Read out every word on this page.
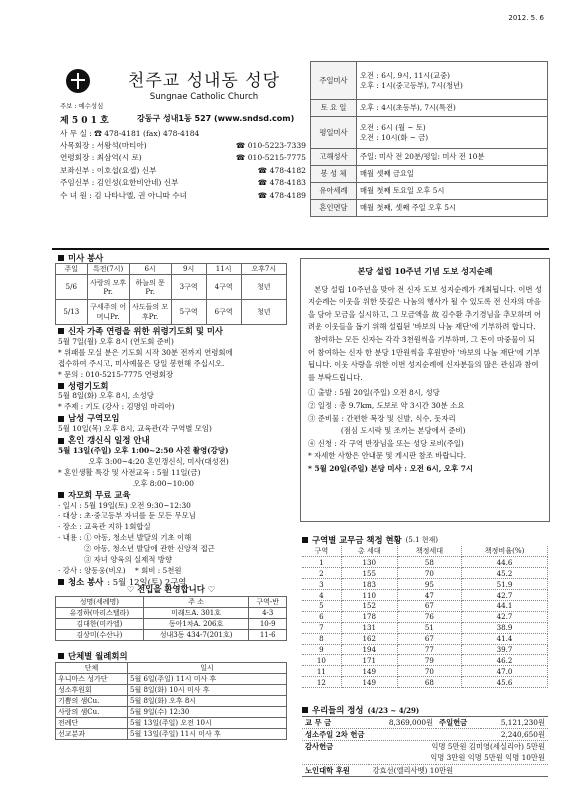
2012. 5. 6
천주교 성내동 성당
Sungnae Catholic Church
주보 : 예수성심
제 5 0 1 호	강동구 성내1동 527 (www.sndsd.com)
사 무 실 : ☎ 478-4181 (fax) 478-4184
사목회장 : 서왕석(마티아)	☎ 010-5223-7339
연령회장 : 최삼억(시 로)	☎ 010-5215-7775
보좌신부 : 이호섭(요셉) 신부	☎ 478-4182
주임신부 : 김인성(요한비안네) 신부	☎ 478-4183
수 녀 원 : 김 나타나엘, 권 아니따 수녀	☎ 478-4189
주일미사	오전 : 6시, 9시, 11시(교중)
오후 : 1시(중고등부), 7시(청년)

토 요 일	오후 : 4시(초등부), 7시(특전)
평일미사	오전 : 6시 (월 ~ 토)
오전 : 10시(화 ~ 금)

고해성사	주일: 미사 전 20분/평일: 미사 전 10분
봉 성 체	매월 셋째 금요일
유아세례	매월 첫째 토요일 오후 5시
혼인면담	매월 첫째, 셋째 주일 오후 5시
미사 봉사
주일	특전(7시)	6시	9시	11시	오후7시
5/6	사랑의 모후Pr.	하늘의 문Pr.	3구역	4구역	청년
5/13	구세주의 어머니Pr.	사도들의 모후Pr.	5구역	6구역	청년
신자 가족 연령을 위한 위령기도회 및 미사
5월 7일(월) 오후 8시 (연도회 준비)
* 위패를 모실 분은 기도회 시작 30분 전까지 연령회에
접수하여 주시고, 미사예물은 당일 봉헌해 주십시오.
* 문의 : 010-5215-7775 연령회장
성령기도회
5월 8일(화) 오후 8시, 소성당
* 주제 : 기도 (강사 : 김명임 마리아)
남성 구역모임
5월 10일(목) 오후 8시, 교육관(각 구역별 모임)
혼인 갱신식 일정 안내
5월 13일(주일) 오후 1:00~2:50 사진 촬영(강당)
오후 3:00~4:20 혼인갱신식, 미사(대성전)
* 혼인생활 특강 및 사전교육 : 5월 11일(금)
오후 8:00~10:00
자모회 무료 교육
· 일시 : 5월 19일(토) 오전 9:30~12:30
· 대상 : 초·중고등부 자녀를 둔 모든 무모님
· 장소 : 교육관 지하 1회합실
· 내용 : ① 아동, 청소년 발달의 기초 이해
② 아동, 청소년 발달에 관한 신앙적 접근
③ 자녀 양육의 실제적 방향
· 강사 : 양동웅(비오)    * 회비 : 5천원
청소 봉사 : 5월 12일(토) 2구역
♡ 전입을 환영합니다 ♡
성명(세례명)	주 소	구역-반
유경하(마리스텔라)	미래드A. 301호	4-3
김대한(미카엘)	동아1차A. 206호	10-9
김상미(수산나)	성내3동 434-7(201호)	11-6
단체별 월례회의
단체	일시
우니마스 성가단	5월 6일(주일) 11시 미사 후
성소후원회	5월 8일(화) 10시 미사 후
기쁨의 샘Cu.	5월 8일(화) 오후 8시
사랑의 샘Cu.	5월 9일(수) 12:30
전례단	5월 13일(주일) 오전 10시
선교분과	5월 13일(주일) 11시 미사 후
본당 설립 10주년 기념 도보 성지순례

본당 설립 10주년을 맞아 전 신자 도보 성지순례가 개최됩니다. 이번 성지순례는 이웃을 위한 뜻깊은 나눔의 행사가 될 수 있도록 전 신자의 마음을 담아 모금을 실시하고, 그 모금액을 故 김수환 추기경님을 추모하며 어려운 이웃들을 돕기 위해 설립된 '바보의 나눔 재단'에 기부하려 합니다.

참여하는 모든 신자는 각각 3천원씩을 기부하며, 그 돈이 마중물이 되어 참여하는 신자 한 분당 1만원씩을 후원받아 '바보의 나눔 재단'에 기부됩니다. 이웃 사랑을 위한 이번 성지순례에 신자분들의 많은 관심과 참여를 부탁드립니다.

① 출발 : 5월 20일(주일) 오전 8시, 성당
② 일정 : 총 9.7km, 도보로 약 3시간 30분 소요
③ 준비물 : 간편한 복장 및 신발, 식수, 돗자리
(점심 도시락 및 조끼는 본당에서 준비)
④ 신청 : 각 구역 반장님을 또는 성당 로비(주일)
* 자세한 사항은 안내문 및 게시판 참조 바랍니다.
* 5월 20일(주일) 본당 미사 : 오전 6시, 오후 7시
구역별 교무금 책정 현황 (5.1 현재)
구역	총 세대	책정세대	책정비율(%)
1	130	58	44.6
2	155	70	45.2
3	183	95	51.9
4	110	47	42.7
5	152	67	44.1
6	178	76	42.7
7	131	51	38.9
8	162	67	41.4
9	194	77	39.7
10	171	79	46.2
11	149	70	47.0
12	149	68	45.6
우리들의 정성 (4/23 ~ 4/29)
교 무 금	8,369,000원	주일헌금	5,121,230원
성소주일 2차 헌금			2,240,650원
감사헌금	익명 5만원 김미영(세실리아) 5만원		
	익명 3만원 익명 5만원 익명 10만원		
노인대학 후원	강효선(엘리사벳) 10만원		
